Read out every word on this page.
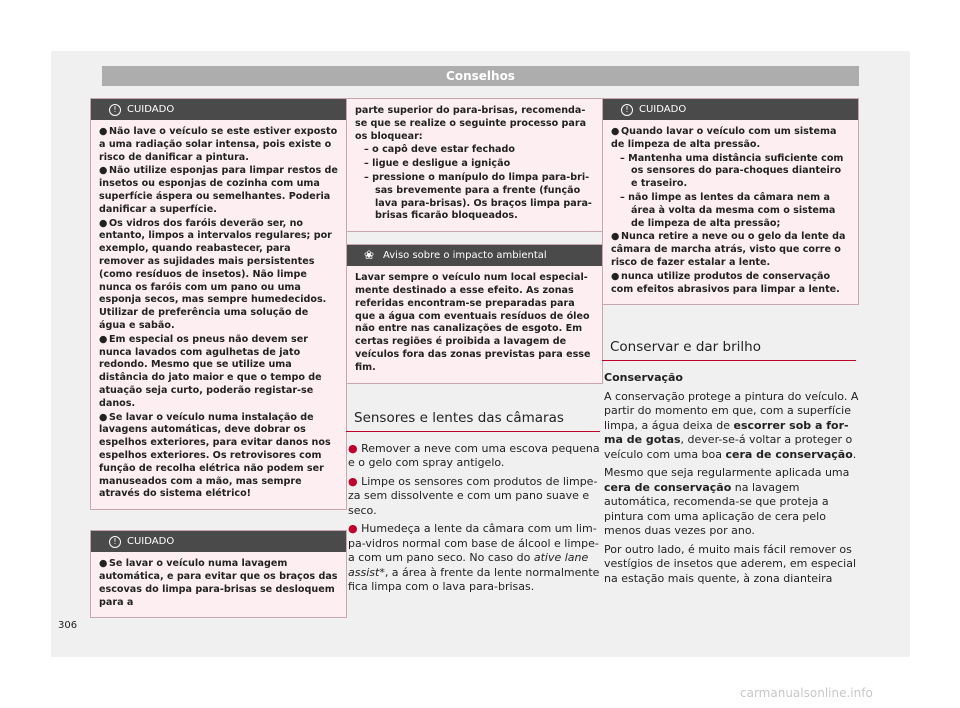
Conselhos
!	CUIDADO

● Não lave o veículo se este estiver exposto a uma radiação solar intensa, pois existe o risco de danificar a pintura.

● Não utilize esponjas para limpar restos de insetos ou esponjas de cozinha com uma superfície áspera ou semelhantes. Poderia danificar a superfície.

● Os vidros dos faróis deverão ser, no entanto, limpos a intervalos regulares; por exemplo, quando reabastecer, para remover as sujidades mais persistentes (como resíduos de insetos). Não limpe nunca os faróis com um pano ou uma esponja secos, mas sempre humedecidos. Utilizar de preferência uma solução de água e sabão.

● Em especial os pneus não devem ser nunca lavados com agulhetas de jato redondo. Mesmo que se utilize uma distância do jato maior e que o tempo de atuação seja curto, poderão registar-se danos.

● Se lavar o veículo numa instalação de lavagens automáticas, deve dobrar os espelhos exteriores, para evitar danos nos espelhos exteriores. Os retrovisores com função de recolha elétrica não podem ser manuseados com a mão, mas sempre através do sistema elétrico!

!	CUIDADO

● Se lavar o veículo numa lavagem automática, e para evitar que os braços das escovas do limpa para-brisas se desloquem para a

parte superior do para-brisas, recomenda-se que se realize o seguinte processo para os bloquear:

– o capô deve estar fechado

– ligue e desligue a ignição

– pressione o manípulo do limpa para-brisas brevemente para a frente (função lava para-brisas). Os braços limpa para-brisas ficarão bloqueados.

❀ Aviso sobre o impacto ambiental

Lavar sempre o veículo num local especialmente destinado a esse efeito. As zonas referidas encontram-se preparadas para que a água com eventuais resíduos de óleo não entre nas canalizações de esgoto. Em certas regiões é proibida a lavagem de veículos fora das zonas previstas para esse fim.

Sensores e lentes das câmaras

● Remover a neve com uma escova pequena e o gelo com spray antigelo.

● Limpe os sensores com produtos de limpeza sem dissolvente e com um pano suave e seco.

● Humedeça a lente da câmara com um limpa-vidros normal com base de álcool e limpe-a com um pano seco. No caso do ative lane assist*, a área à frente da lente normalmente fica limpa com o lava para-brisas.

!	CUIDADO

● Quando lavar o veículo com um sistema de limpeza de alta pressão.

– Mantenha uma distância suficiente com os sensores do para-choques dianteiro e traseiro.

– não limpe as lentes da câmara nem a área à volta da mesma com o sistema de limpeza de alta pressão;

● Nunca retire a neve ou o gelo da lente da câmara de marcha atrás, visto que corre o risco de fazer estalar a lente.

● nunca utilize produtos de conservação com efeitos abrasivos para limpar a lente.

Conservar e dar brilho

Conservação

A conservação protege a pintura do veículo. A partir do momento em que, com a superfície limpa, a água deixa de escorrer sob a forma de gotas, dever-se-á voltar a proteger o veículo com uma boa cera de conservação.

Mesmo que seja regularmente aplicada uma cera de conservação na lavagem automática, recomenda-se que proteja a pintura com uma aplicação de cera pelo menos duas vezes por ano.

Por outro lado, é muito mais fácil remover os vestígios de insetos que aderem, em especial na estação mais quente, à zona dianteira

306
carmanualsonline.info
